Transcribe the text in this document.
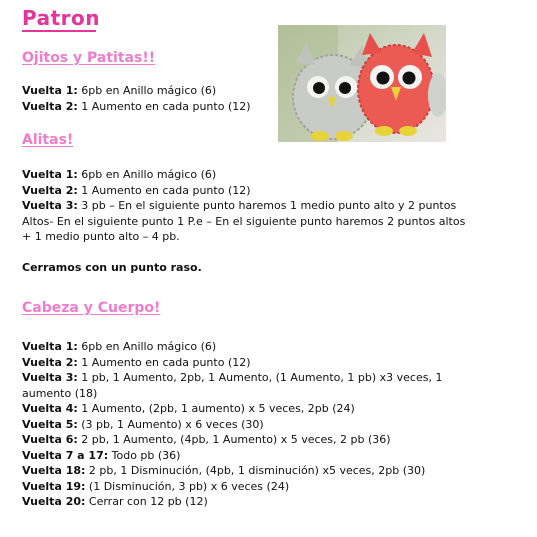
Patron
Ojitos y Patitas!!
Vuelta 1: 6pb en Anillo mágico (6)
Vuelta 2: 1 Aumento en cada punto (12)
Alitas!
Vuelta 1: 6pb en Anillo mágico (6)
Vuelta 2: 1 Aumento en cada punto (12)
Vuelta 3: 3 pb – En el siguiente punto haremos 1 medio punto alto y 2 puntos Altos- En el siguiente punto 1 P.e – En el siguiente punto haremos 2 puntos altos + 1 medio punto alto – 4 pb.
Cerramos con un punto raso.
Cabeza y Cuerpo!
Vuelta 1: 6pb en Anillo mágico (6)
Vuelta 2: 1 Aumento en cada punto (12)
Vuelta 3: 1 pb, 1 Aumento, 2pb, 1 Aumento, (1 Aumento, 1 pb) x3 veces, 1 aumento (18)
Vuelta 4: 1 Aumento, (2pb, 1 aumento) x 5 veces, 2pb (24)
Vuelta 5: (3 pb, 1 Aumento) x 6 veces (30)
Vuelta 6: 2 pb, 1 Aumento, (4pb, 1 Aumento) x 5 veces, 2 pb (36)
Vuelta 7 a 17: Todo pb (36)
Vuelta 18: 2 pb, 1 Disminución, (4pb, 1 disminución) x5 veces, 2pb (30)
Vuelta 19: (1 Disminución, 3 pb) x 6 veces (24)
Vuelta 20: Cerrar con 12 pb (12)
